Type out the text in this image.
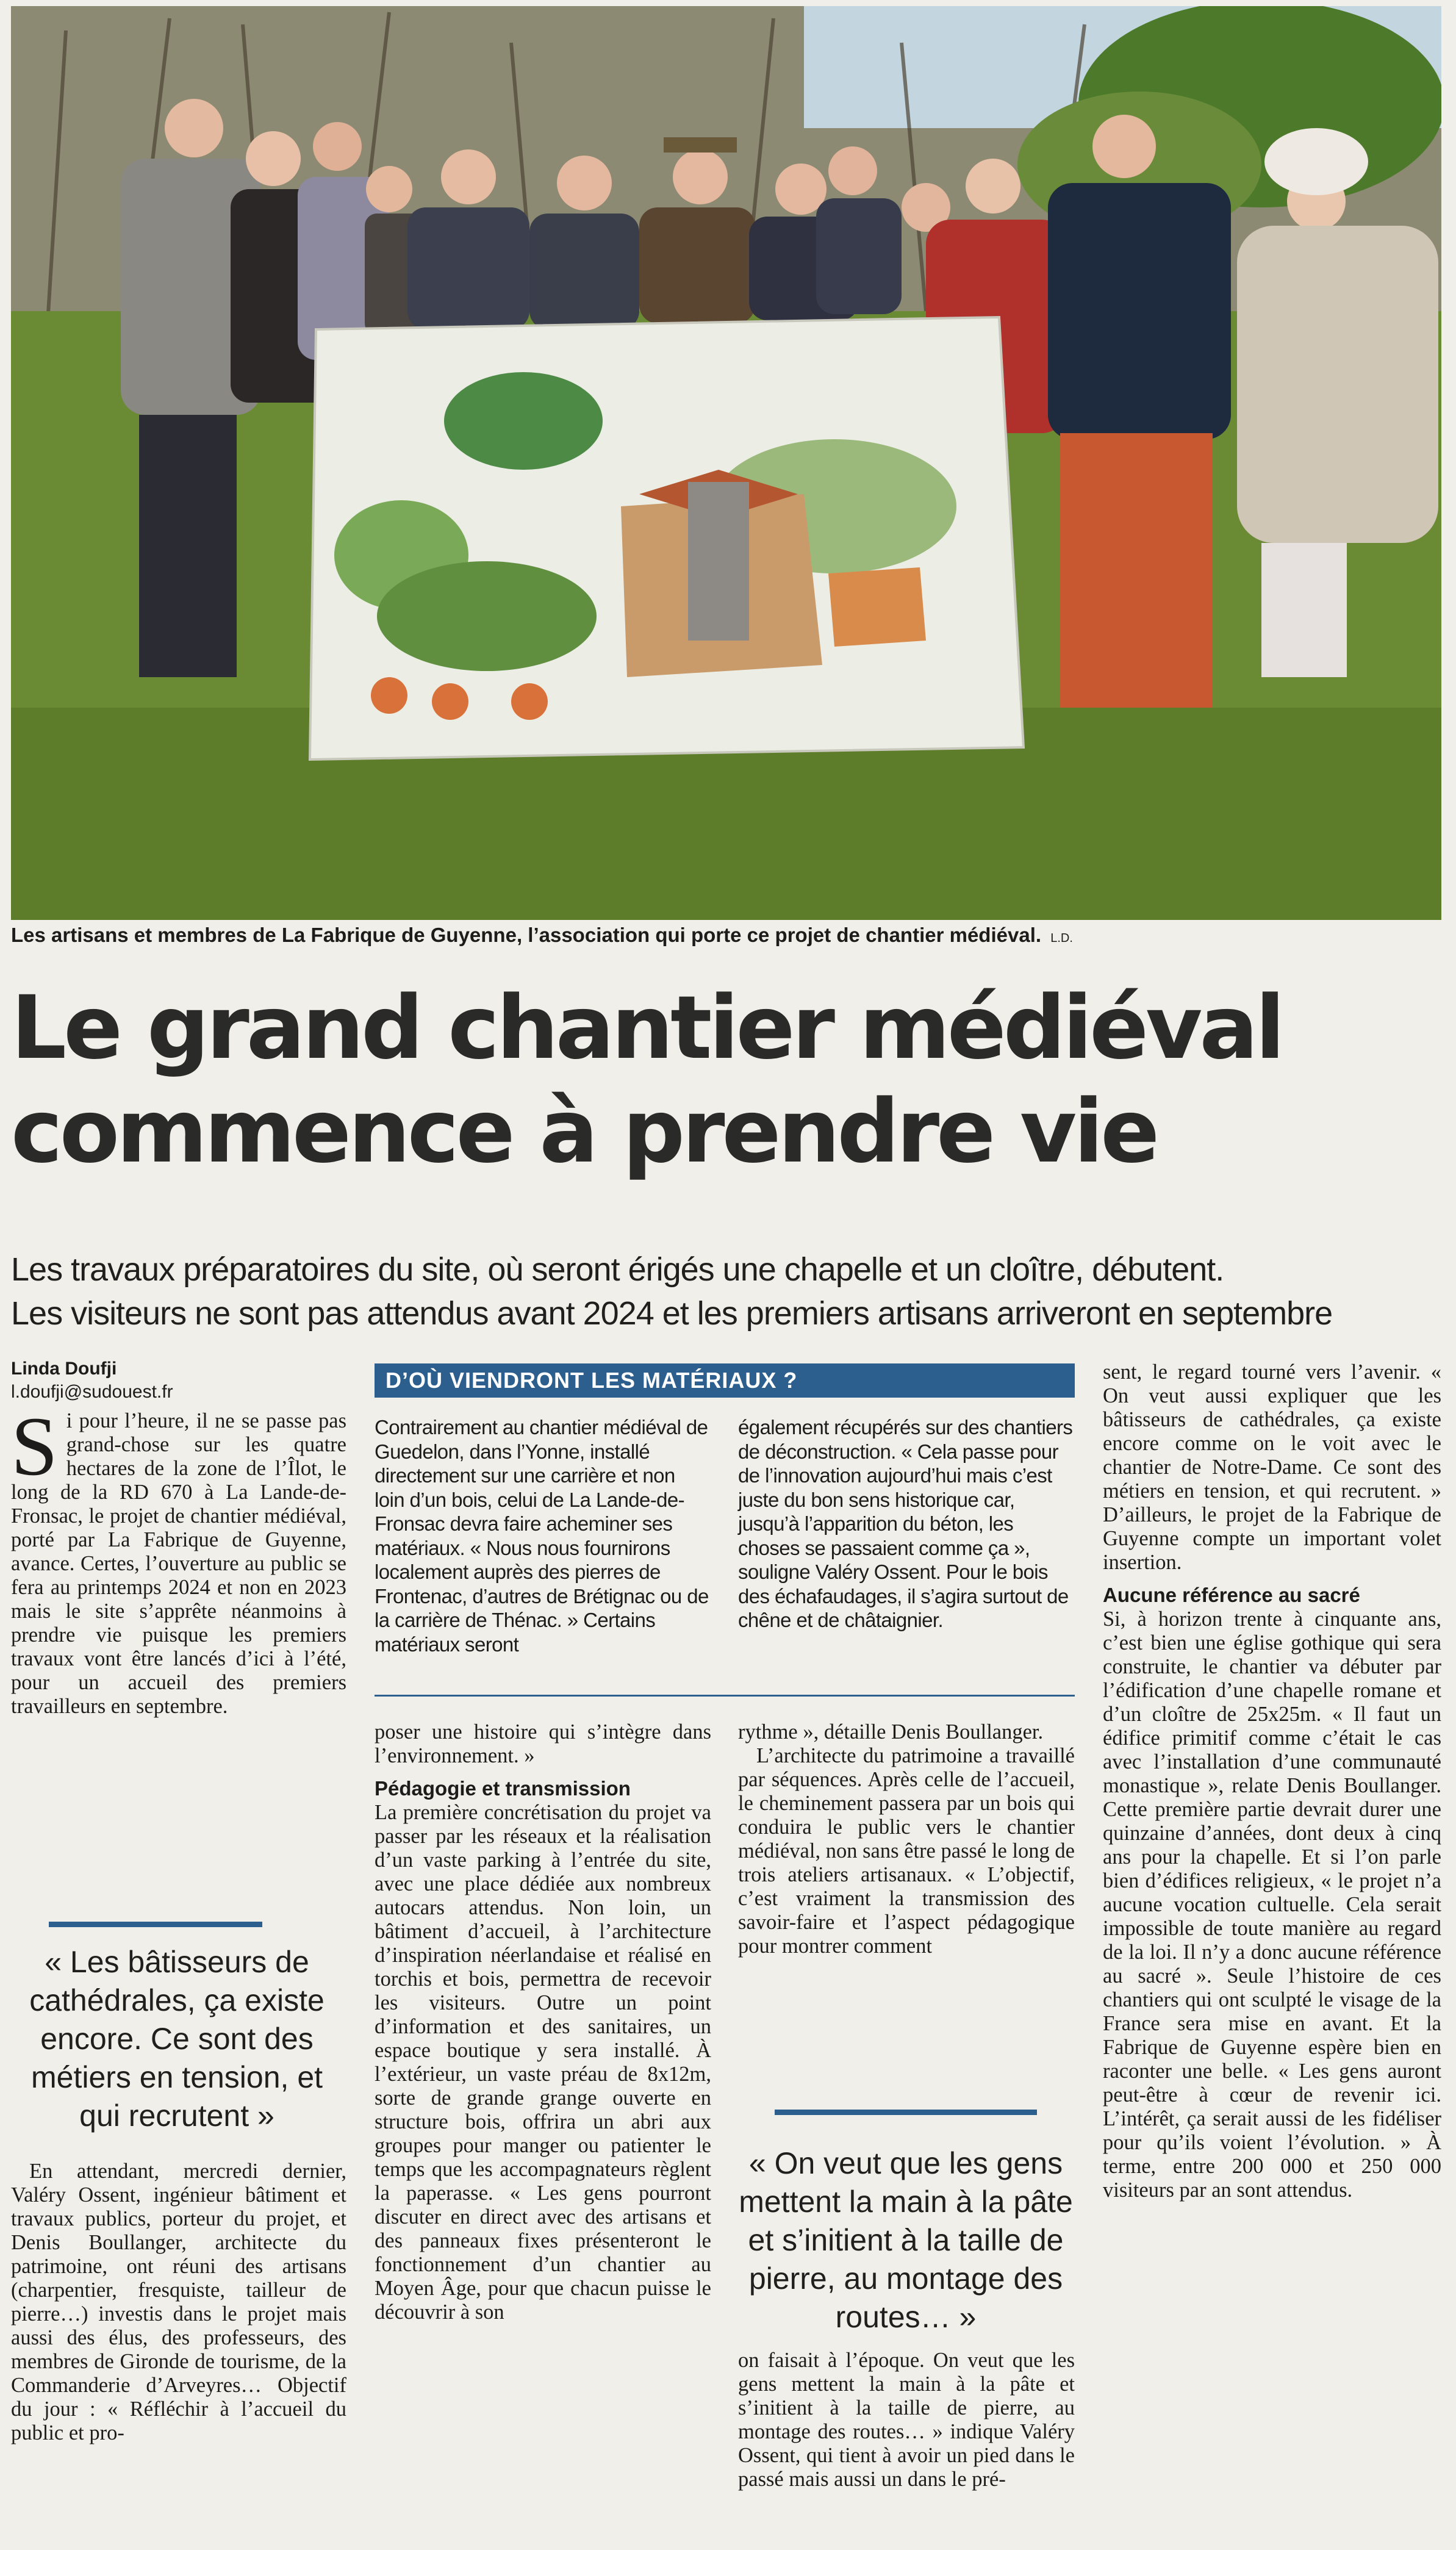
Les artisans et membres de La Fabrique de Guyenne, l’association qui porte ce projet de chantier médiéval. L.D.
Le grand chantier médiéval
commence à prendre vie
Les travaux préparatoires du site, où seront érigés une chapelle et un cloître, débutent.
Les visiteurs ne sont pas attendus avant 2024 et les premiers artisans arriveront en septembre
Linda Doufji
l.doufji@sudouest.fr

Si pour l’heure, il ne se passe pas grand-chose sur les quatre hectares de la zone de l’Îlot, le long de la RD 670 à La Lande-de-Fronsac, le projet de chantier médiéval, porté par La Fabrique de Guyenne, avance. Certes, l’ouverture au public se fera au printemps 2024 et non en 2023 mais le site s’apprête néanmoins à prendre vie puisque les premiers travaux vont être lancés d’ici à l’été, pour un accueil des premiers travailleurs en septembre.

« Les bâtisseurs de cathédrales, ça existe encore. Ce sont des métiers en tension, et qui recrutent »

En attendant, mercredi dernier, Valéry Ossent, ingénieur bâtiment et travaux publics, porteur du projet, et Denis Boullanger, architecte du patrimoine, ont réuni des artisans (charpentier, fresquiste, tailleur de pierre…) investis dans le projet mais aussi des élus, des professeurs, des membres de Gironde de tourisme, de la Commanderie d’Arveyres… Objectif du jour : « Réfléchir à l’accueil du public et pro-

D’OÙ VIENDRONT LES MATÉRIAUX ?

Contrairement au chantier médiéval de Guedelon, dans l’Yonne, installé directement sur une carrière et non loin d’un bois, celui de La Lande-de-Fronsac devra faire acheminer ses matériaux. « Nous nous fournirons localement auprès des pierres de Frontenac, d’autres de Brétignac ou de la carrière de Thénac. » Certains matériaux seront

également récupérés sur des chantiers de déconstruction. « Cela passe pour de l’innovation aujourd’hui mais c’est juste du bon sens historique car, jusqu’à l’apparition du béton, les choses se passaient comme ça », souligne Valéry Ossent. Pour le bois des échafaudages, il s’agira surtout de chêne et de châtaignier.

poser une histoire qui s’intègre dans l’environnement. »

Pédagogie et transmission

La première concrétisation du projet va passer par les réseaux et la réalisation d’un vaste parking à l’entrée du site, avec une place dédiée aux nombreux autocars attendus. Non loin, un bâtiment d’accueil, à l’architecture d’inspiration néerlandaise et réalisé en torchis et bois, permettra de recevoir les visiteurs. Outre un point d’information et des sanitaires, un espace boutique y sera installé. À l’extérieur, un vaste préau de 8x12m, sorte de grande grange ouverte en structure bois, offrira un abri aux groupes pour manger ou patienter le temps que les accompagnateurs règlent la paperasse. « Les gens pourront discuter en direct avec des artisans et des panneaux fixes présenteront le fonctionnement d’un chantier au Moyen Âge, pour que chacun puisse le découvrir à son

rythme », détaille Denis Boullanger.

L’architecte du patrimoine a travaillé par séquences. Après celle de l’accueil, le cheminement passera par un bois qui conduira le public vers le chantier médiéval, non sans être passé le long de trois ateliers artisanaux. « L’objectif, c’est vraiment la transmission des savoir-faire et l’aspect pédagogique pour montrer comment

« On veut que les gens mettent la main à la pâte et s’initient à la taille de pierre, au montage des routes… »

on faisait à l’époque. On veut que les gens mettent la main à la pâte et s’initient à la taille de pierre, au montage des routes… » indique Valéry Ossent, qui tient à avoir un pied dans le passé mais aussi un dans le pré-

sent, le regard tourné vers l’avenir. « On veut aussi expliquer que les bâtisseurs de cathédrales, ça existe encore comme on le voit avec le chantier de Notre-Dame. Ce sont des métiers en tension, et qui recrutent. » D’ailleurs, le projet de la Fabrique de Guyenne compte un important volet insertion.

Aucune référence au sacré

Si, à horizon trente à cinquante ans, c’est bien une église gothique qui sera construite, le chantier va débuter par l’édification d’une chapelle romane et d’un cloître de 25x25m. « Il faut un édifice primitif comme c’était le cas avec l’installation d’une communauté monastique », relate Denis Boullanger. Cette première partie devrait durer une quinzaine d’années, dont deux à cinq ans pour la chapelle. Et si l’on parle bien d’édifices religieux, « le projet n’a aucune vocation cultuelle. Cela serait impossible de toute manière au regard de la loi. Il n’y a donc aucune référence au sacré ». Seule l’histoire de ces chantiers qui ont sculpté le visage de la France sera mise en avant. Et la Fabrique de Guyenne espère bien en raconter une belle. « Les gens auront peut-être à cœur de revenir ici. L’intérêt, ça serait aussi de les fidéliser pour qu’ils voient l’évolution. » À terme, entre 200 000 et 250 000 visiteurs par an sont attendus.
